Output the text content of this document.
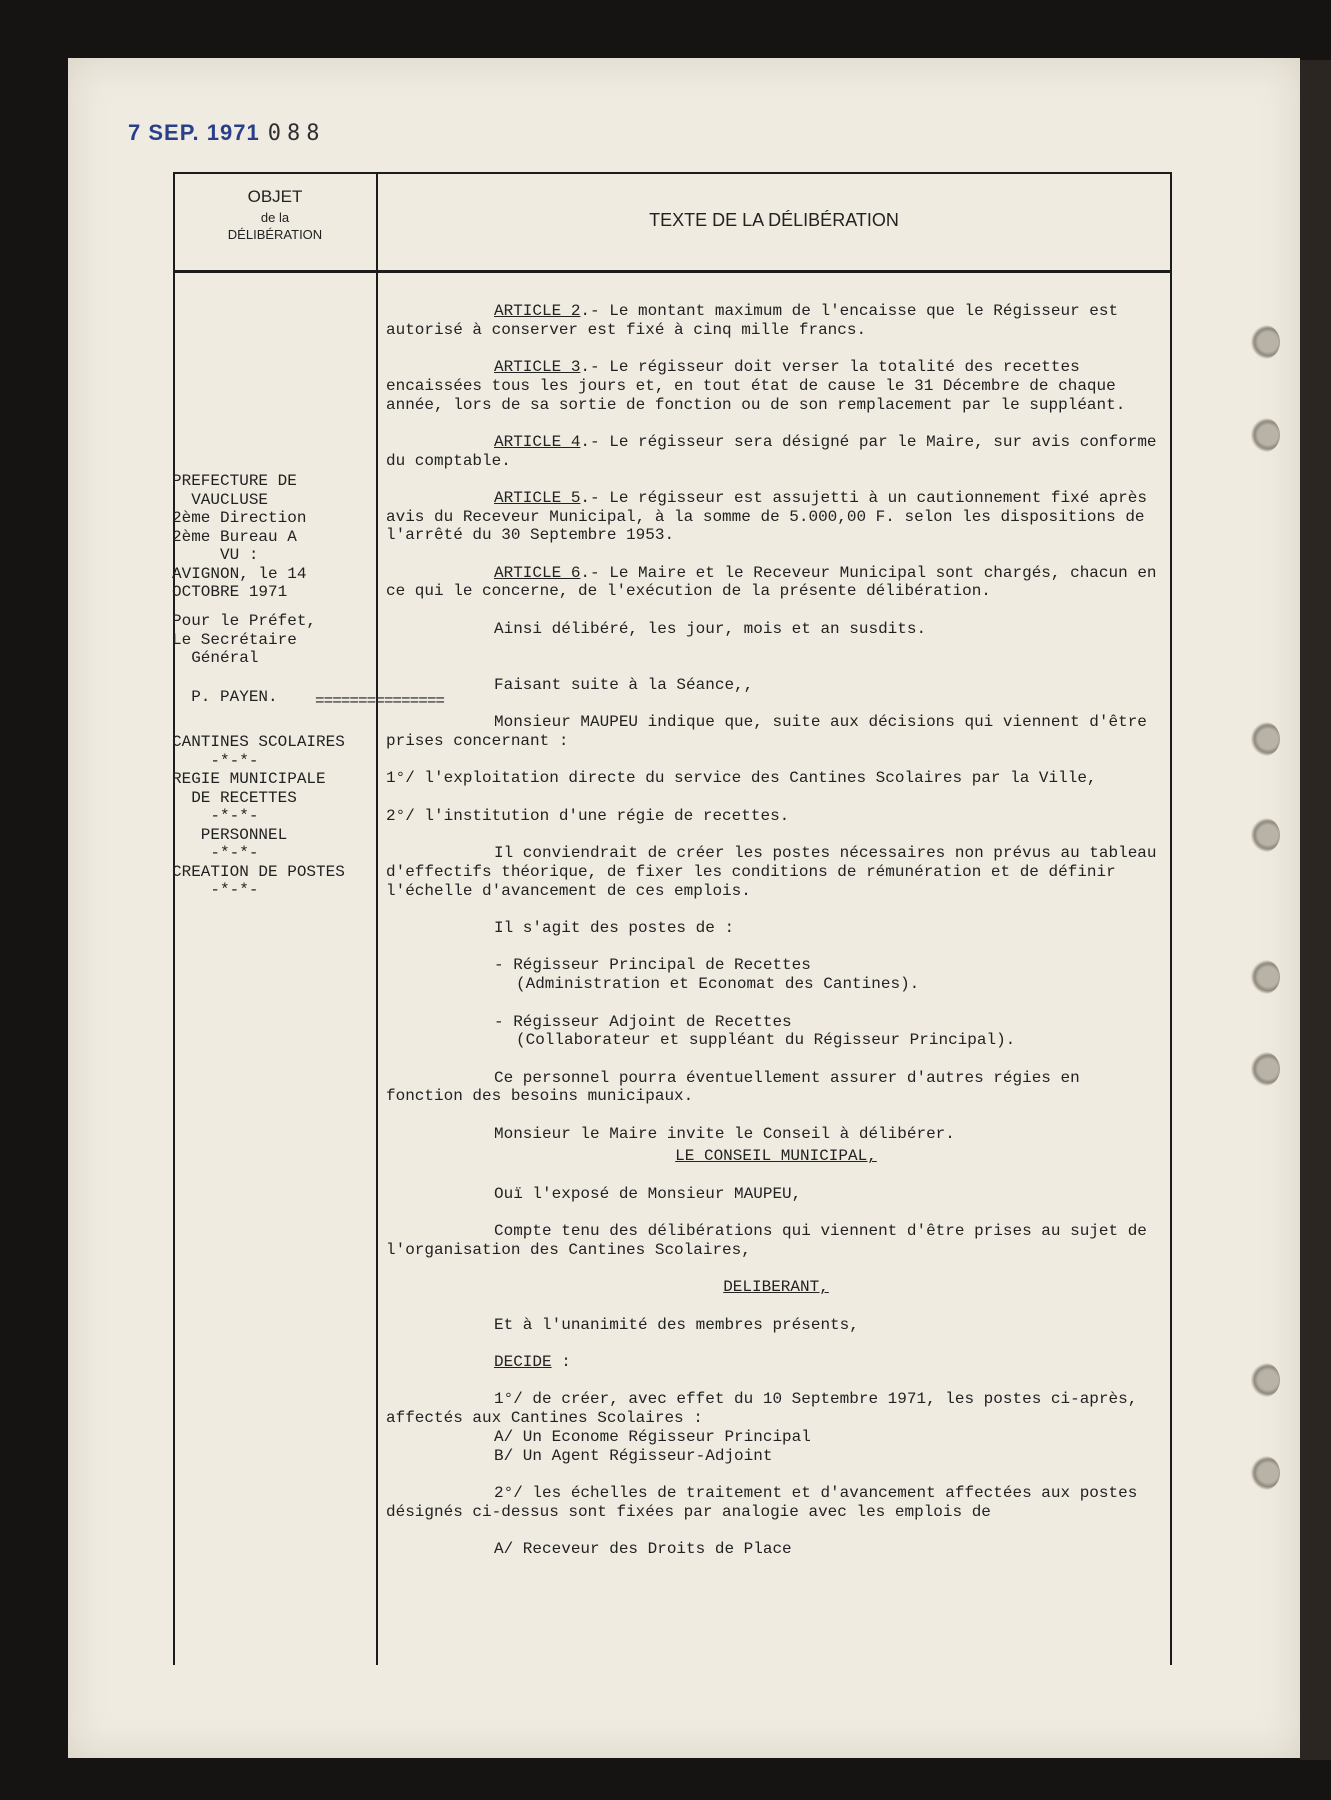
7 SEP. 1971 088
OBJET
de la
DÉLIBÉRATION
TEXTE DE LA DÉLIBÉRATION
PREFECTURE DE
VAUCLUSE
2ème Direction
2ème Bureau A
VU :
AVIGNON, le 14
OCTOBRE 1971
Pour le Préfet,
Le Secrétaire
Général
P. PAYEN.	===============
CANTINES SCOLAIRES
-*-*-
REGIE MUNICIPALE
DE RECETTES
-*-*-
PERSONNEL
-*-*-
CREATION DE POSTES
-*-*-

ARTICLE 2.- Le montant maximum de l'encaisse que le Régisseur est autorisé à conserver est fixé à cinq mille francs.

ARTICLE 3.- Le régisseur doit verser la totalité des recettes encaissées tous les jours et, en tout état de cause le 31 Décembre de chaque année, lors de sa sortie de fonction ou de son remplacement par le suppléant.

ARTICLE 4.- Le régisseur sera désigné par le Maire, sur avis conforme du comptable.

ARTICLE 5.- Le régisseur est assujetti à un cautionnement fixé après avis du Receveur Municipal, à la somme de 5.000,00 F. selon les dispositions de l'arrêté du 30 Septembre 1953.

ARTICLE 6.- Le Maire et le Receveur Municipal sont chargés, chacun en ce qui le concerne, de l'exécution de la présente délibération.

Ainsi délibéré, les jour, mois et an susdits.

Faisant suite à la Séance,,

Monsieur MAUPEU indique que, suite aux décisions qui viennent d'être prises concernant :

1°/ l'exploitation directe du service des Cantines Scolaires par la Ville,

2°/ l'institution d'une régie de recettes.

Il conviendrait de créer les postes nécessaires non prévus au tableau d'effectifs théorique, de fixer les conditions de rémunération et de définir l'échelle d'avancement de ces emplois.

Il s'agit des postes de :

- Régisseur Principal de Recettes
(Administration et Economat des Cantines).

- Régisseur Adjoint de Recettes
(Collaborateur et suppléant du Régisseur Principal).

Ce personnel pourra éventuellement assurer d'autres régies en fonction des besoins municipaux.

Monsieur le Maire invite le Conseil à délibérer.

LE CONSEIL MUNICIPAL,

Ouï l'exposé de Monsieur MAUPEU,

Compte tenu des délibérations qui viennent d'être prises au sujet de l'organisation des Cantines Scolaires,

DELIBERANT,

Et à l'unanimité des membres présents,

DECIDE :

1°/ de créer, avec effet du 10 Septembre 1971, les postes ci-après, affectés aux Cantines Scolaires :

A/ Un Econome Régisseur Principal
B/ Un Agent Régisseur-Adjoint

2°/ les échelles de traitement et d'avancement affectées aux postes désignés ci-dessus sont fixées par analogie avec les emplois de

A/ Receveur des Droits de Place
